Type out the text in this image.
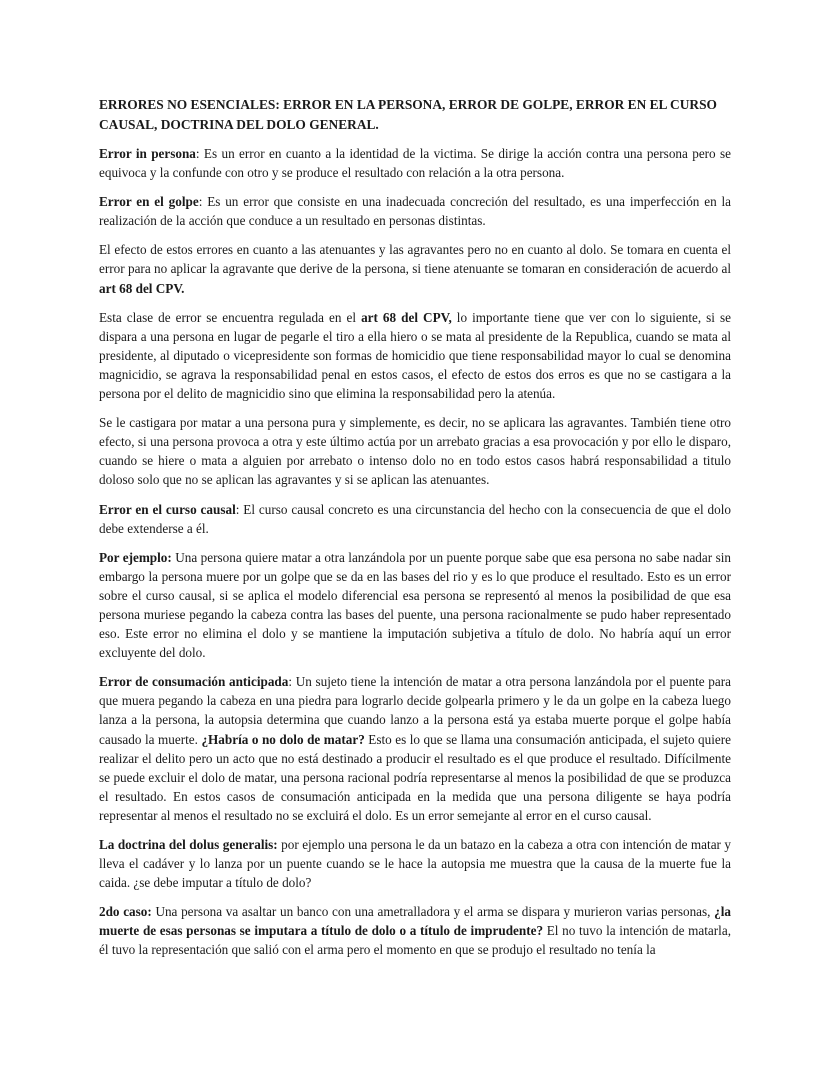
ERRORES NO ESENCIALES: ERROR EN LA PERSONA, ERROR DE GOLPE, ERROR EN EL CURSO CAUSAL, DOCTRINA DEL DOLO GENERAL.

Error in persona: Es un error en cuanto a la identidad de la victima. Se dirige la acción contra una persona pero se equivoca y la confunde con otro y se produce el resultado con relación a la otra persona.

Error en el golpe: Es un error que consiste en una inadecuada concreción del resultado, es una imperfección en la realización de la acción que conduce a un resultado en personas distintas.

El efecto de estos errores en cuanto a las atenuantes y las agravantes pero no en cuanto al dolo. Se tomara en cuenta el error para no aplicar la agravante que derive de la persona, si tiene atenuante se tomaran en consideración de acuerdo al art 68 del CPV.

Esta clase de error se encuentra regulada en el art 68 del CPV, lo importante tiene que ver con lo siguiente, si se dispara a una persona en lugar de pegarle el tiro a ella hiero o se mata al presidente de la Republica, cuando se mata al presidente, al diputado o vicepresidente son formas de homicidio que tiene responsabilidad mayor lo cual se denomina magnicidio, se agrava la responsabilidad penal en estos casos, el efecto de estos dos erros es que no se castigara a la persona por el delito de magnicidio sino que elimina la responsabilidad pero la atenúa.

Se le castigara por matar a una persona pura y simplemente, es decir, no se aplicara las agravantes. También tiene otro efecto, si una persona provoca a otra y este último actúa por un arrebato gracias a esa provocación y por ello le disparo, cuando se hiere o mata a alguien por arrebato o intenso dolo no en todo estos casos habrá responsabilidad a titulo doloso solo que no se aplican las agravantes y si se aplican las atenuantes.

Error en el curso causal: El curso causal concreto es una circunstancia del hecho con la consecuencia de que el dolo debe extenderse a él.

Por ejemplo: Una persona quiere matar a otra lanzándola por un puente porque sabe que esa persona no sabe nadar sin embargo la persona muere por un golpe que se da en las bases del rio y es lo que produce el resultado. Esto es un error sobre el curso causal, si se aplica el modelo diferencial esa persona se representó al menos la posibilidad de que esa persona muriese pegando la cabeza contra las bases del puente, una persona racionalmente se pudo haber representado eso. Este error no elimina el dolo y se mantiene la imputación subjetiva a título de dolo. No habría aquí un error excluyente del dolo.

Error de consumación anticipada: Un sujeto tiene la intención de matar a otra persona lanzándola por el puente para que muera pegando la cabeza en una piedra para lograrlo decide golpearla primero y le da un golpe en la cabeza luego lanza a la persona, la autopsia determina que cuando lanzo a la persona está ya estaba muerte porque el golpe había causado la muerte. ¿Habría o no dolo de matar? Esto es lo que se llama una consumación anticipada, el sujeto quiere realizar el delito pero un acto que no está destinado a producir el resultado es el que produce el resultado. Difícilmente se puede excluir el dolo de matar, una persona racional podría representarse al menos la posibilidad de que se produzca el resultado. En estos casos de consumación anticipada en la medida que una persona diligente se haya podría representar al menos el resultado no se excluirá el dolo. Es un error semejante al error en el curso causal.

La doctrina del dolus generalis: por ejemplo una persona le da un batazo en la cabeza a otra con intención de matar y lleva el cadáver y lo lanza por un puente cuando se le hace la autopsia me muestra que la causa de la muerte fue la caida. ¿se debe imputar a título de dolo?

2do caso: Una persona va asaltar un banco con una ametralladora y el arma se dispara y murieron varias personas, ¿la muerte de esas personas se imputara a título de dolo o a título de imprudente? El no tuvo la intención de matarla, él tuvo la representación que salió con el arma pero el momento en que se produjo el resultado no tenía la
